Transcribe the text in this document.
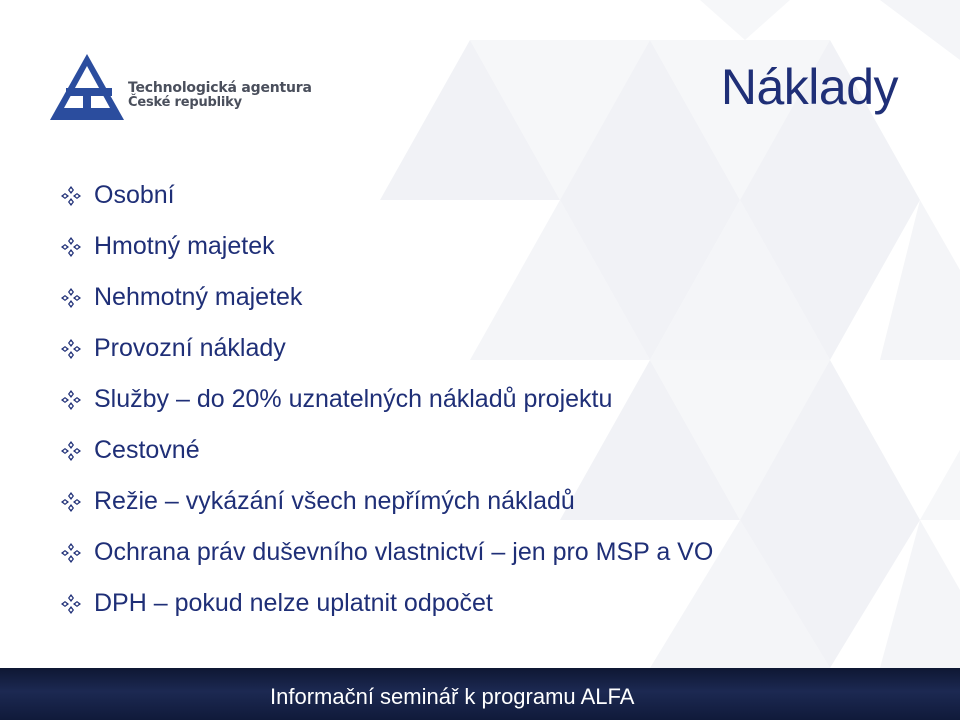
Technologická agentura
České republiky	Náklady
Osobní
Hmotný majetek
Nehmotný majetek
Provozní náklady
Služby – do 20% uznatelných nákladů projektu
Cestovné
Režie – vykázání všech nepřímých nákladů
Ochrana práv duševního vlastnictví – jen pro MSP a VO
DPH – pokud nelze uplatnit odpočet
Informační seminář k programu ALFA
